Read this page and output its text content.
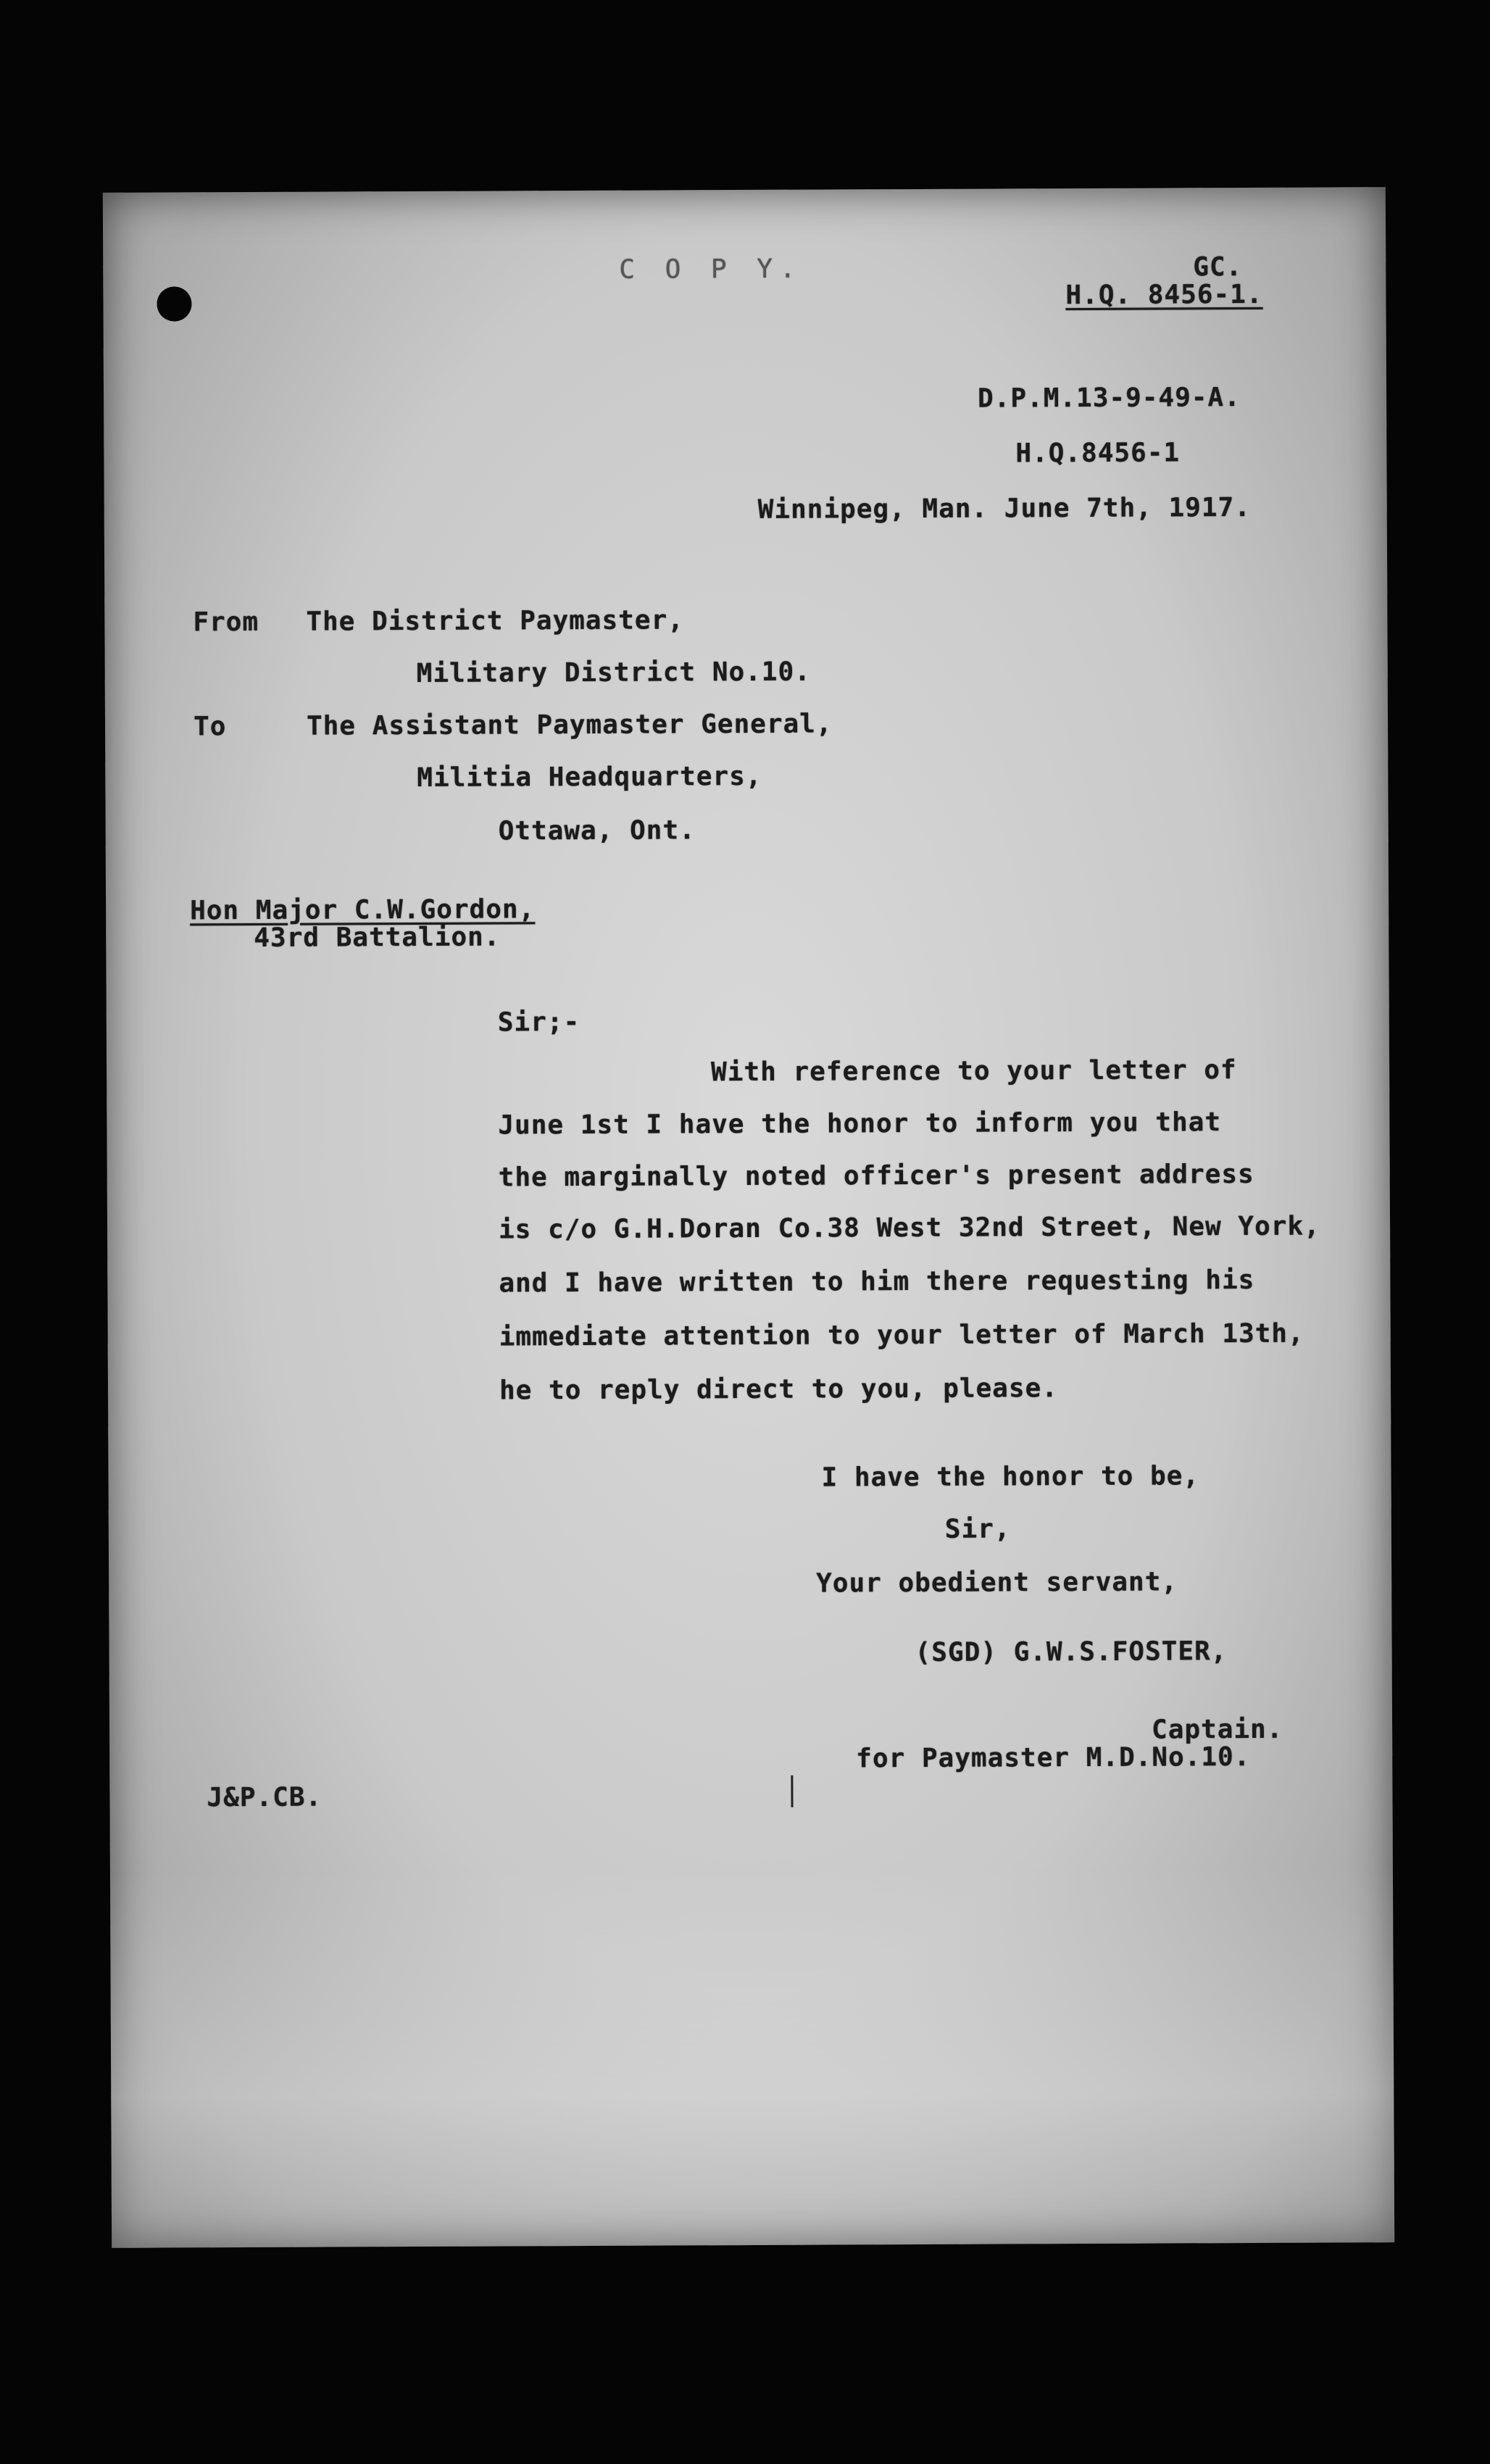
C O P Y.	GC.
H.Q. 8456-1.
D.P.M.13-9-49-A.
H.Q.8456-1
Winnipeg, Man. June 7th, 1917.
From The District Paymaster,
Military District No.10.
To	The Assistant Paymaster General,
Militia Headquarters,
Ottawa, Ont.
Hon Major C.W.Gordon,
43rd Battalion.
Sir;-
With reference to your letter of
June 1st I have the honor to inform you that
the marginally noted officer's present address
is c/o G.H.Doran Co.38 West 32nd Street, New York,
and I have written to him there requesting his
immediate attention to your letter of March 13th,
he to reply direct to you, please.
I have the honor to be,
Sir,
Your obedient servant,
(SGD) G.W.S.FOSTER,
Captain.
for Paymaster M.D.No.10.
J&P.CB.
